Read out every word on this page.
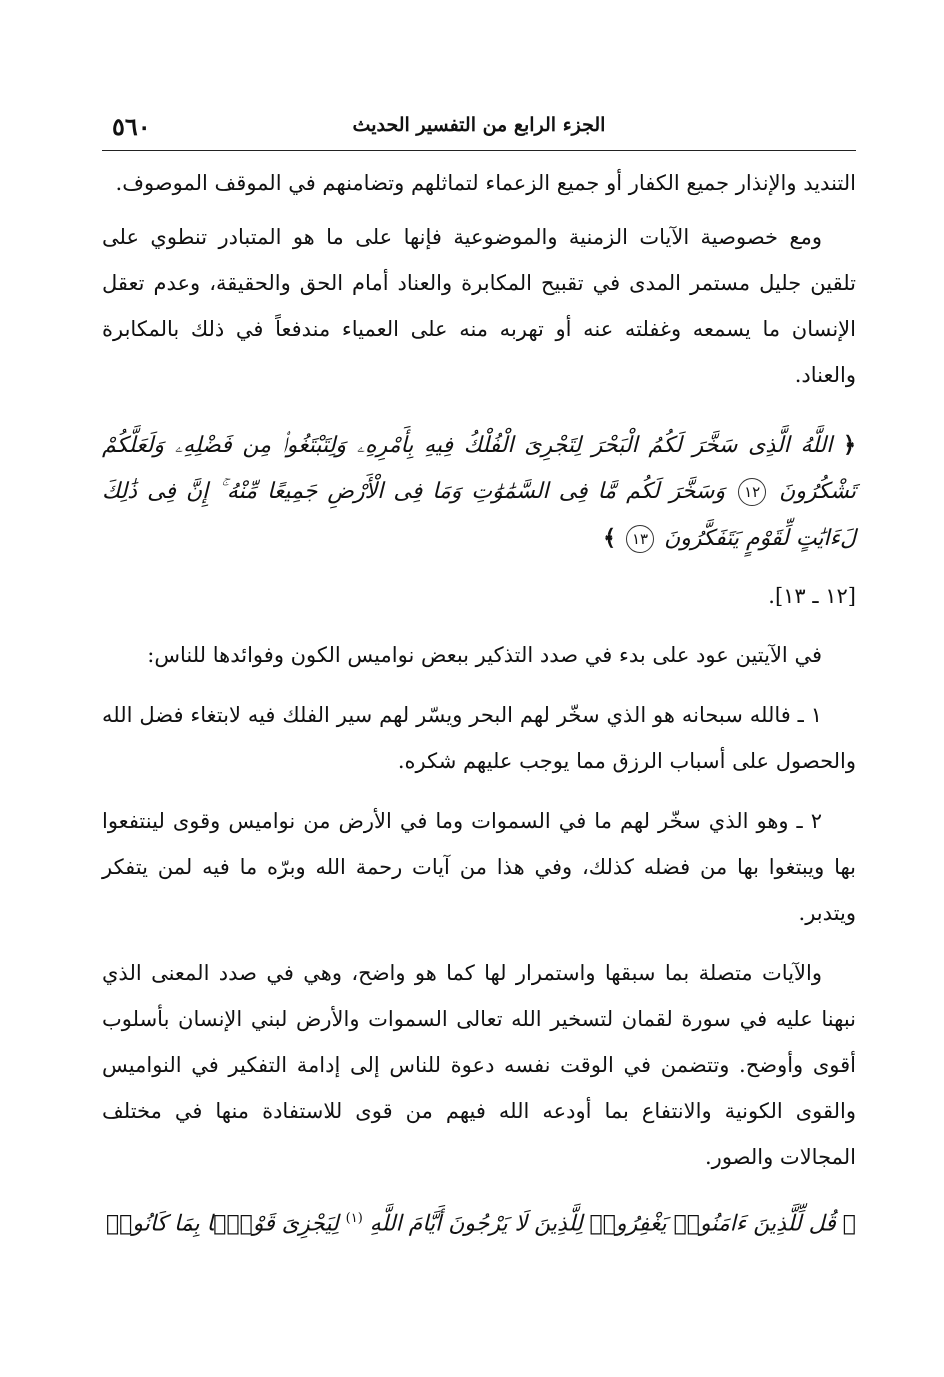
الجزء الرابع من التفسير الحديث
٥٦٠

التنديد والإنذار جميع الكفار أو جميع الزعماء لتماثلهم وتضامنهم في الموقف الموصوف.

ومع خصوصية الآيات الزمنية والموضوعية فإنها على ما هو المتبادر تنطوي على تلقين جليل مستمر المدى في تقبيح المكابرة والعناد أمام الحق والحقيقة، وعدم تعقل الإنسان ما يسمعه وغفلته عنه أو تهربه منه على العمياء مندفعاً في ذلك بالمكابرة والعناد.

﴿ اللَّهُ الَّذِى سَخَّرَ لَكُمُ الْبَحْرَ لِتَجْرِىَ الْفُلْكُ فِيهِ بِأَمْرِهِۦ وَلِتَبْتَغُوا۟ مِن فَضْلِهِۦ وَلَعَلَّكُمْ تَشْكُرُونَ ١٢ وَسَخَّرَ لَكُم مَّا فِى السَّمَٰوَٰتِ وَمَا فِى الْأَرْضِ جَمِيعًا مِّنْهُ ۚ إِنَّ فِى ذَٰلِكَ لَءَايَٰتٍ لِّقَوْمٍ يَتَفَكَّرُونَ ١٣ ﴾
[١٢ ـ ١٣].

في الآيتين عود على بدء في صدد التذكير ببعض نواميس الكون وفوائدها للناس:

١ ـ فالله سبحانه هو الذي سخّر لهم البحر ويسّر لهم سير الفلك فيه لابتغاء فضل الله والحصول على أسباب الرزق مما يوجب عليهم شكره.

٢ ـ وهو الذي سخّر لهم ما في السموات وما في الأرض من نواميس وقوى لينتفعوا بها ويبتغوا بها من فضله كذلك، وفي هذا من آيات رحمة الله وبرّه ما فيه لمن يتفكر ويتدبر.

والآيات متصلة بما سبقها واستمرار لها كما هو واضح، وهي في صدد المعنى الذي نبهنا عليه في سورة لقمان لتسخير الله تعالى السموات والأرض لبني الإنسان بأسلوب أقوى وأوضح. وتتضمن في الوقت نفسه دعوة للناس إلى إدامة التفكير في النواميس والقوى الكونية والانتفاع بما أودعه الله فيهم من قوى للاستفادة منها في مختلف المجالات والصور.

﴿ قُل لِّلَّذِينَ ءَامَنُوا۟ يَغْفِرُوا۟ لِلَّذِينَ لَا يَرْجُونَ أَيَّامَ اللَّهِ $^{(١)}$ لِيَجْزِىَ قَوْمًۢا بِمَا كَانُوا۟
